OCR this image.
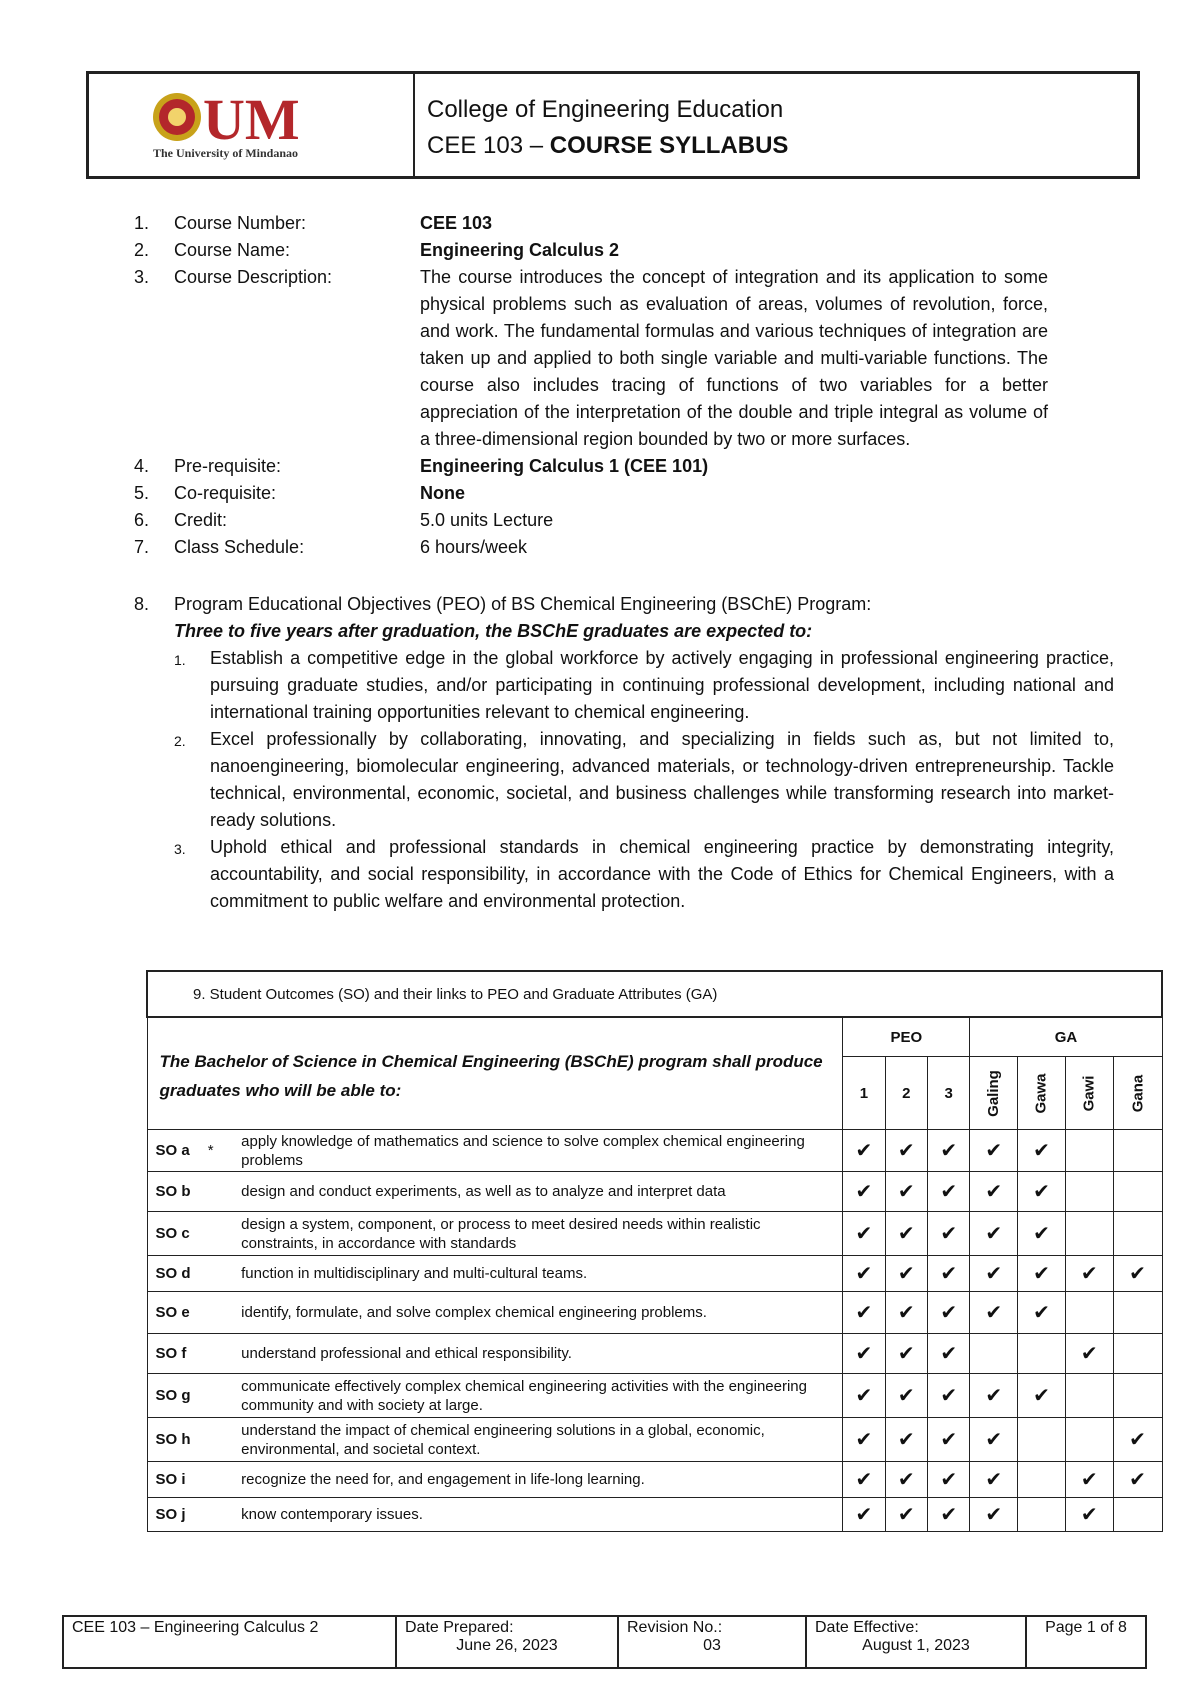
UM
The University of Mindanao
College of Engineering Education
CEE 103 – COURSE SYLLABUS
1.	Course Number:	CEE 103
2.	Course Name:	Engineering Calculus 2
3.	Course Description:	The course introduces the concept of integration and its application to some physical problems such as evaluation of areas, volumes of revolution, force, and work. The fundamental formulas and various techniques of integration are taken up and applied to both single variable and multi-variable functions. The course also includes tracing of functions of two variables for a better appreciation of the interpretation of the double and triple integral as volume of a three-dimensional region bounded by two or more surfaces.
4.	Pre-requisite:	Engineering Calculus 1 (CEE 101)
5.	Co-requisite:	None
6.	Credit:	5.0 units Lecture
7.	Class Schedule:	6 hours/week
8.	Program Educational Objectives (PEO) of BS Chemical Engineering (BSChE) Program:
Three to five years after graduation, the BSChE graduates are expected to:
1.	Establish a competitive edge in the global workforce by actively engaging in professional engineering practice, pursuing graduate studies, and/or participating in continuing professional development, including national and international training opportunities relevant to chemical engineering.
2.	Excel professionally by collaborating, innovating, and specializing in fields such as, but not limited to, nanoengineering, biomolecular engineering, advanced materials, or technology-driven entrepreneurship. Tackle technical, environmental, economic, societal, and business challenges while transforming research into market-ready solutions.
3.	Uphold ethical and professional standards in chemical engineering practice by demonstrating integrity, accountability, and social responsibility, in accordance with the Code of Ethics for Chemical Engineers, with a commitment to public welfare and environmental protection.
9. Student Outcomes (SO) and their links to PEO and Graduate Attributes (GA)								
The Bachelor of Science in Chemical Engineering (BSChE) program shall produce graduates who will be able to:		PEO			GA			
		1	2	3	Galing	Gawa	Gawi	Gana
SO a *	apply knowledge of mathematics and science to solve complex chemical engineering problems	✔	✔	✔	✔	✔		
SO b	design and conduct experiments, as well as to analyze and interpret data	✔	✔	✔	✔	✔		
SO c	design a system, component, or process to meet desired needs within realistic constraints, in accordance with standards	✔	✔	✔	✔	✔		
SO d	function in multidisciplinary and multi-cultural teams.	✔	✔	✔	✔	✔	✔	✔
SO e	identify, formulate, and solve complex chemical engineering problems.	✔	✔	✔	✔	✔		
SO f	understand professional and ethical responsibility.	✔	✔	✔			✔	
SO g	communicate effectively complex chemical engineering activities with the engineering community and with society at large.	✔	✔	✔	✔	✔		
SO h	understand the impact of chemical engineering solutions in a global, economic, environmental, and societal context.	✔	✔	✔	✔			✔
SO i	recognize the need for, and engagement in life-long learning.	✔	✔	✔	✔		✔	✔
SO j	know contemporary issues.	✔	✔	✔	✔		✔	
CEE 103 – Engineering Calculus 2	Date Prepared:
June 26, 2023

Revision No.:
03

Date Effective:
August 1, 2023

Page 1 of 8
